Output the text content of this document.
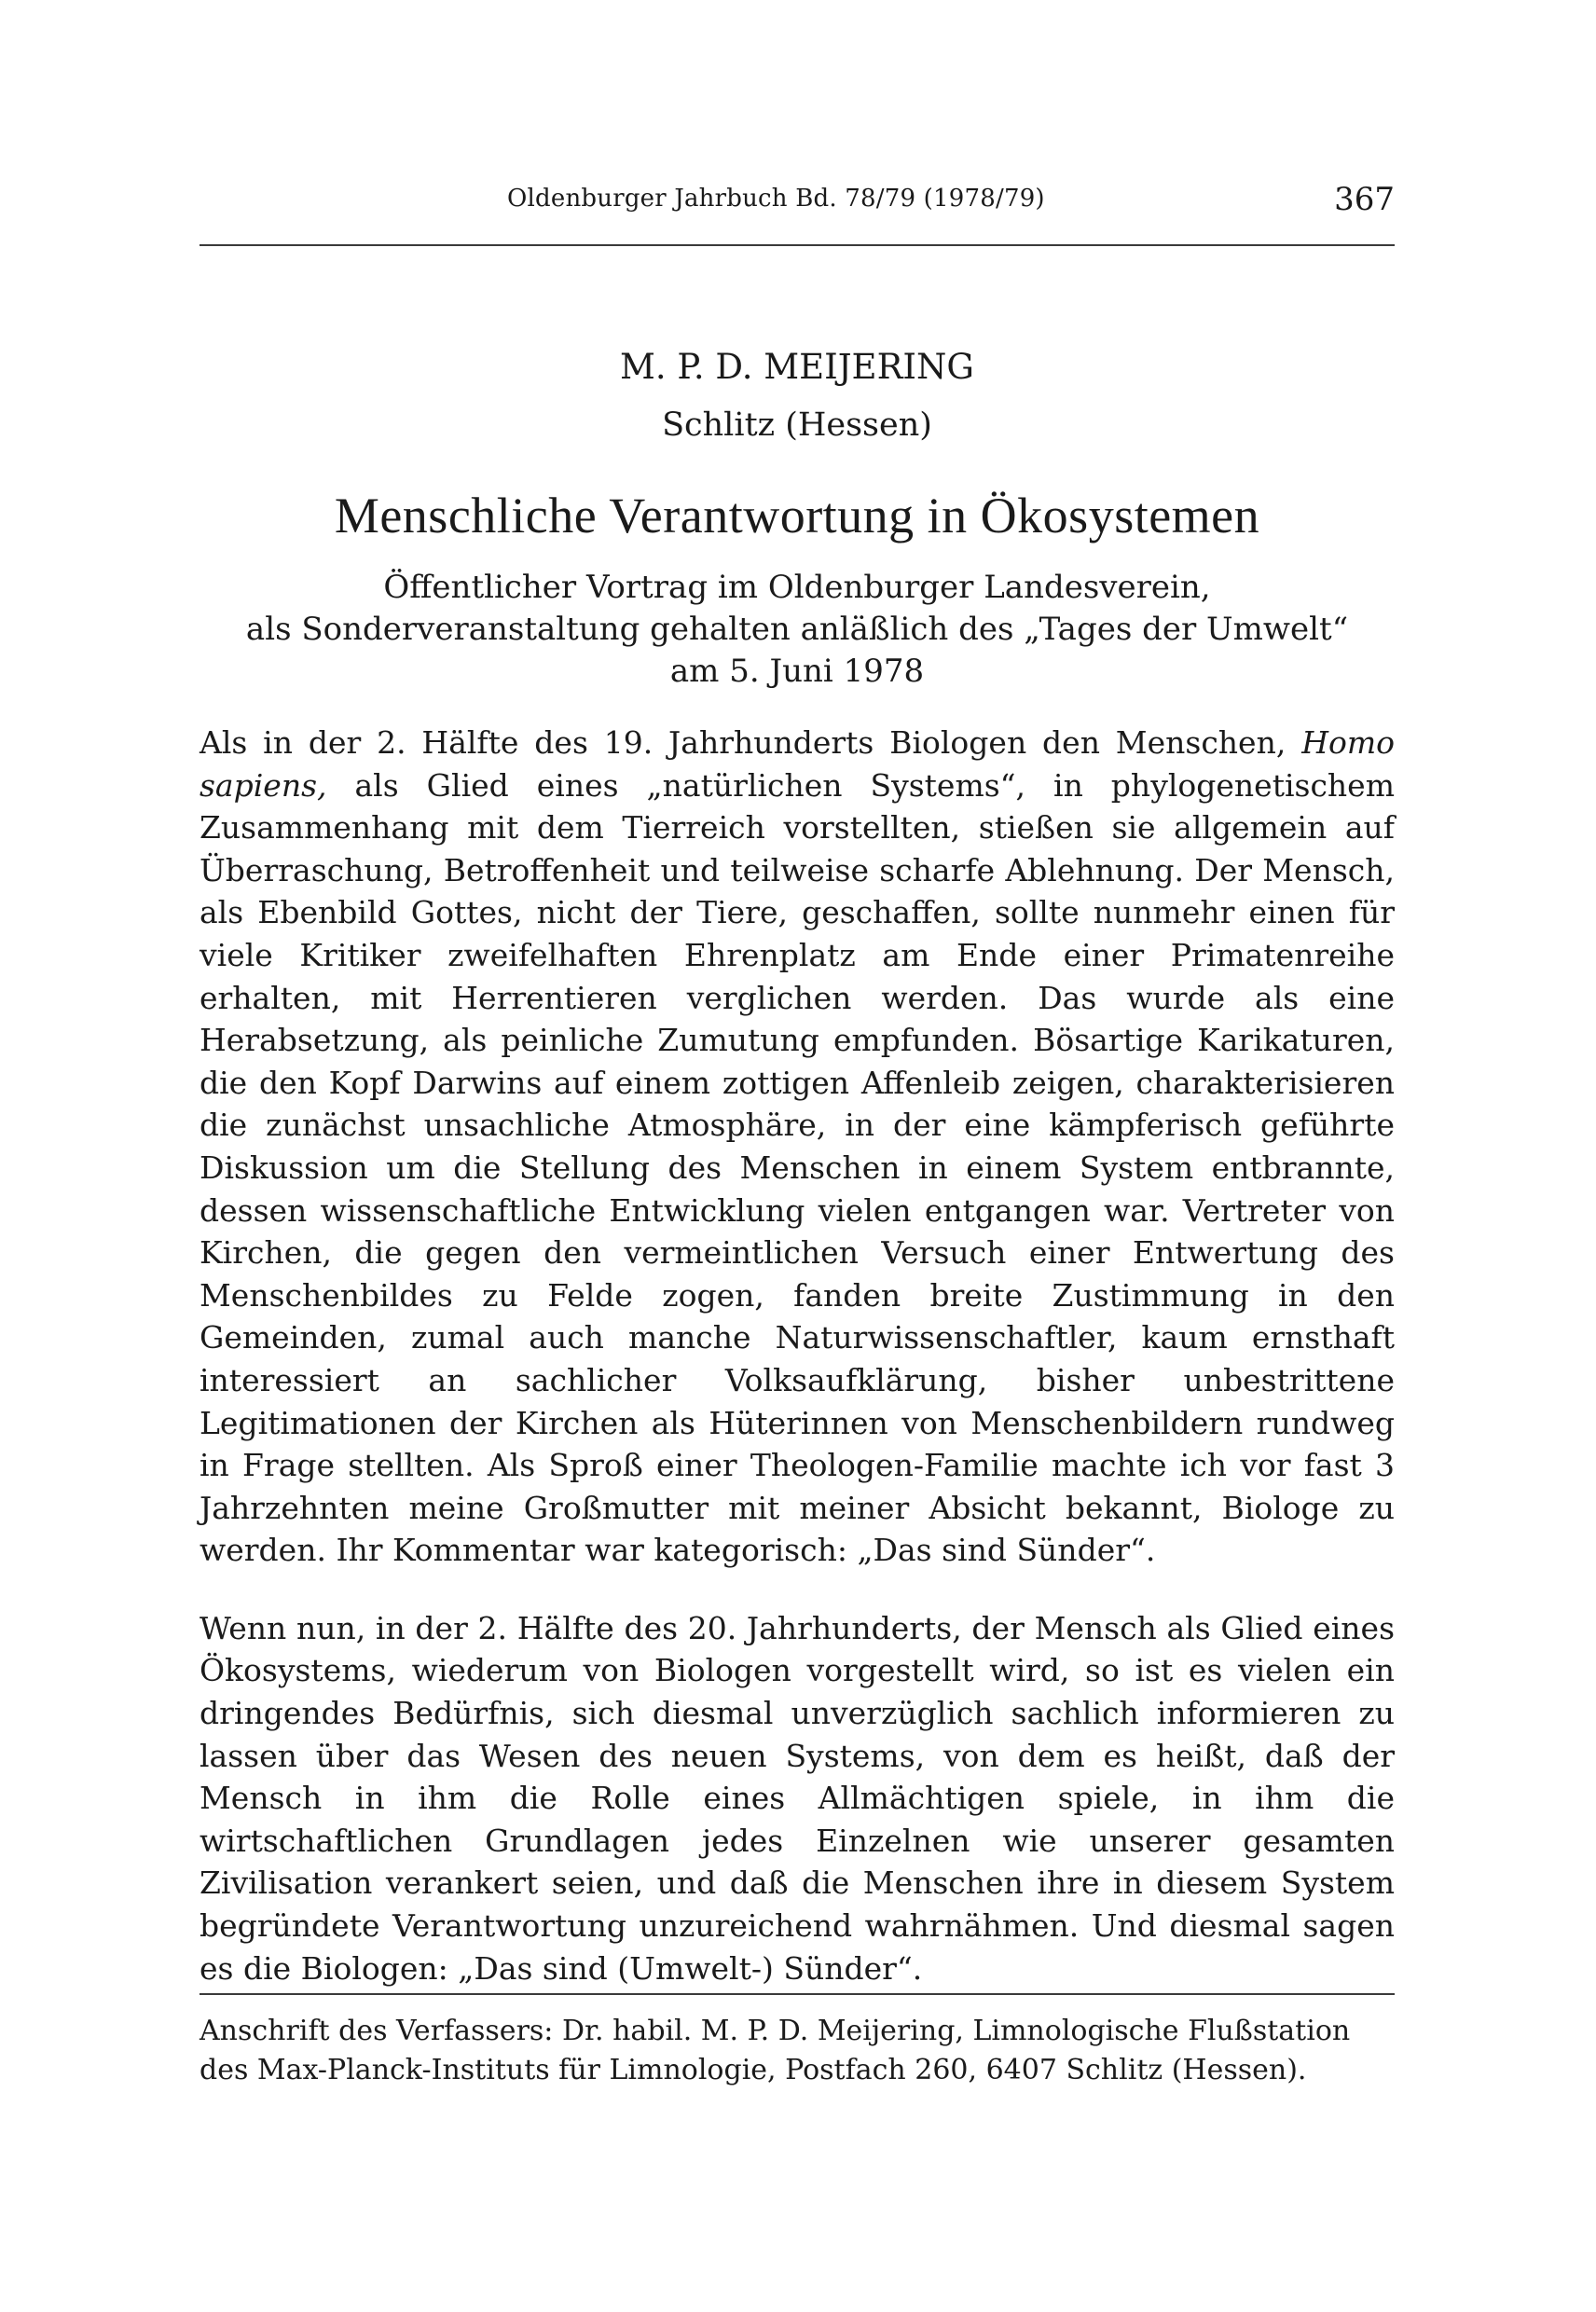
Oldenburger Jahrbuch Bd. 78/79 (1978/79)	367
M. P. D. MEIJERING
Schlitz (Hessen)
Menschliche Verantwortung in Ökosystemen
Öffentlicher Vortrag im Oldenburger Landesverein,
als Sonderveranstaltung gehalten anläßlich des „Tages der Umwelt“
am 5. Juni 1978

Als in der 2. Hälfte des 19. Jahrhunderts Biologen den Menschen, Homo sapiens, als Glied eines „natürlichen Systems“, in phylogenetischem Zusammenhang mit dem Tierreich vorstellten, stießen sie allgemein auf Überraschung, Betroffenheit und teilweise scharfe Ablehnung. Der Mensch, als Ebenbild Gottes, nicht der Tiere, geschaffen, sollte nunmehr einen für viele Kritiker zweifelhaften Ehrenplatz am Ende einer Primatenreihe erhalten, mit Herrentieren verglichen werden. Das wurde als eine Herabsetzung, als peinliche Zumutung empfunden. Bösartige Karikaturen, die den Kopf Darwins auf einem zottigen Affenleib zeigen, charakterisieren die zunächst unsachliche Atmosphäre, in der eine kämpferisch geführte Diskussion um die Stellung des Menschen in einem System entbrannte, dessen wissenschaftliche Entwicklung vielen entgangen war. Vertreter von Kirchen, die gegen den vermeintlichen Versuch einer Entwertung des Menschenbildes zu Felde zogen, fanden breite Zustimmung in den Gemeinden, zumal auch manche Naturwissenschaftler, kaum ernsthaft interessiert an sachlicher Volksaufklärung, bisher unbestrittene Legitimationen der Kirchen als Hüterinnen von Menschenbildern rundweg in Frage stellten. Als Sproß einer Theologen-Familie machte ich vor fast 3 Jahrzehnten meine Großmutter mit meiner Absicht bekannt, Biologe zu werden. Ihr Kommentar war kategorisch: „Das sind Sünder“.

Wenn nun, in der 2. Hälfte des 20. Jahrhunderts, der Mensch als Glied eines Ökosystems, wiederum von Biologen vorgestellt wird, so ist es vielen ein dringendes Bedürfnis, sich diesmal unverzüglich sachlich informieren zu lassen über das Wesen des neuen Systems, von dem es heißt, daß der Mensch in ihm die Rolle eines Allmächtigen spiele, in ihm die wirtschaftlichen Grundlagen jedes Einzelnen wie unserer gesamten Zivilisation verankert seien, und daß die Menschen ihre in diesem System begründete Verantwortung unzureichend wahrnähmen. Und diesmal sagen es die Biologen: „Das sind (Umwelt-) Sünder“.

Anschrift des Verfassers: Dr. habil. M. P. D. Meijering, Limnologische Flußstation
des Max-Planck-Instituts für Limnologie, Postfach 260, 6407 Schlitz (Hessen).
